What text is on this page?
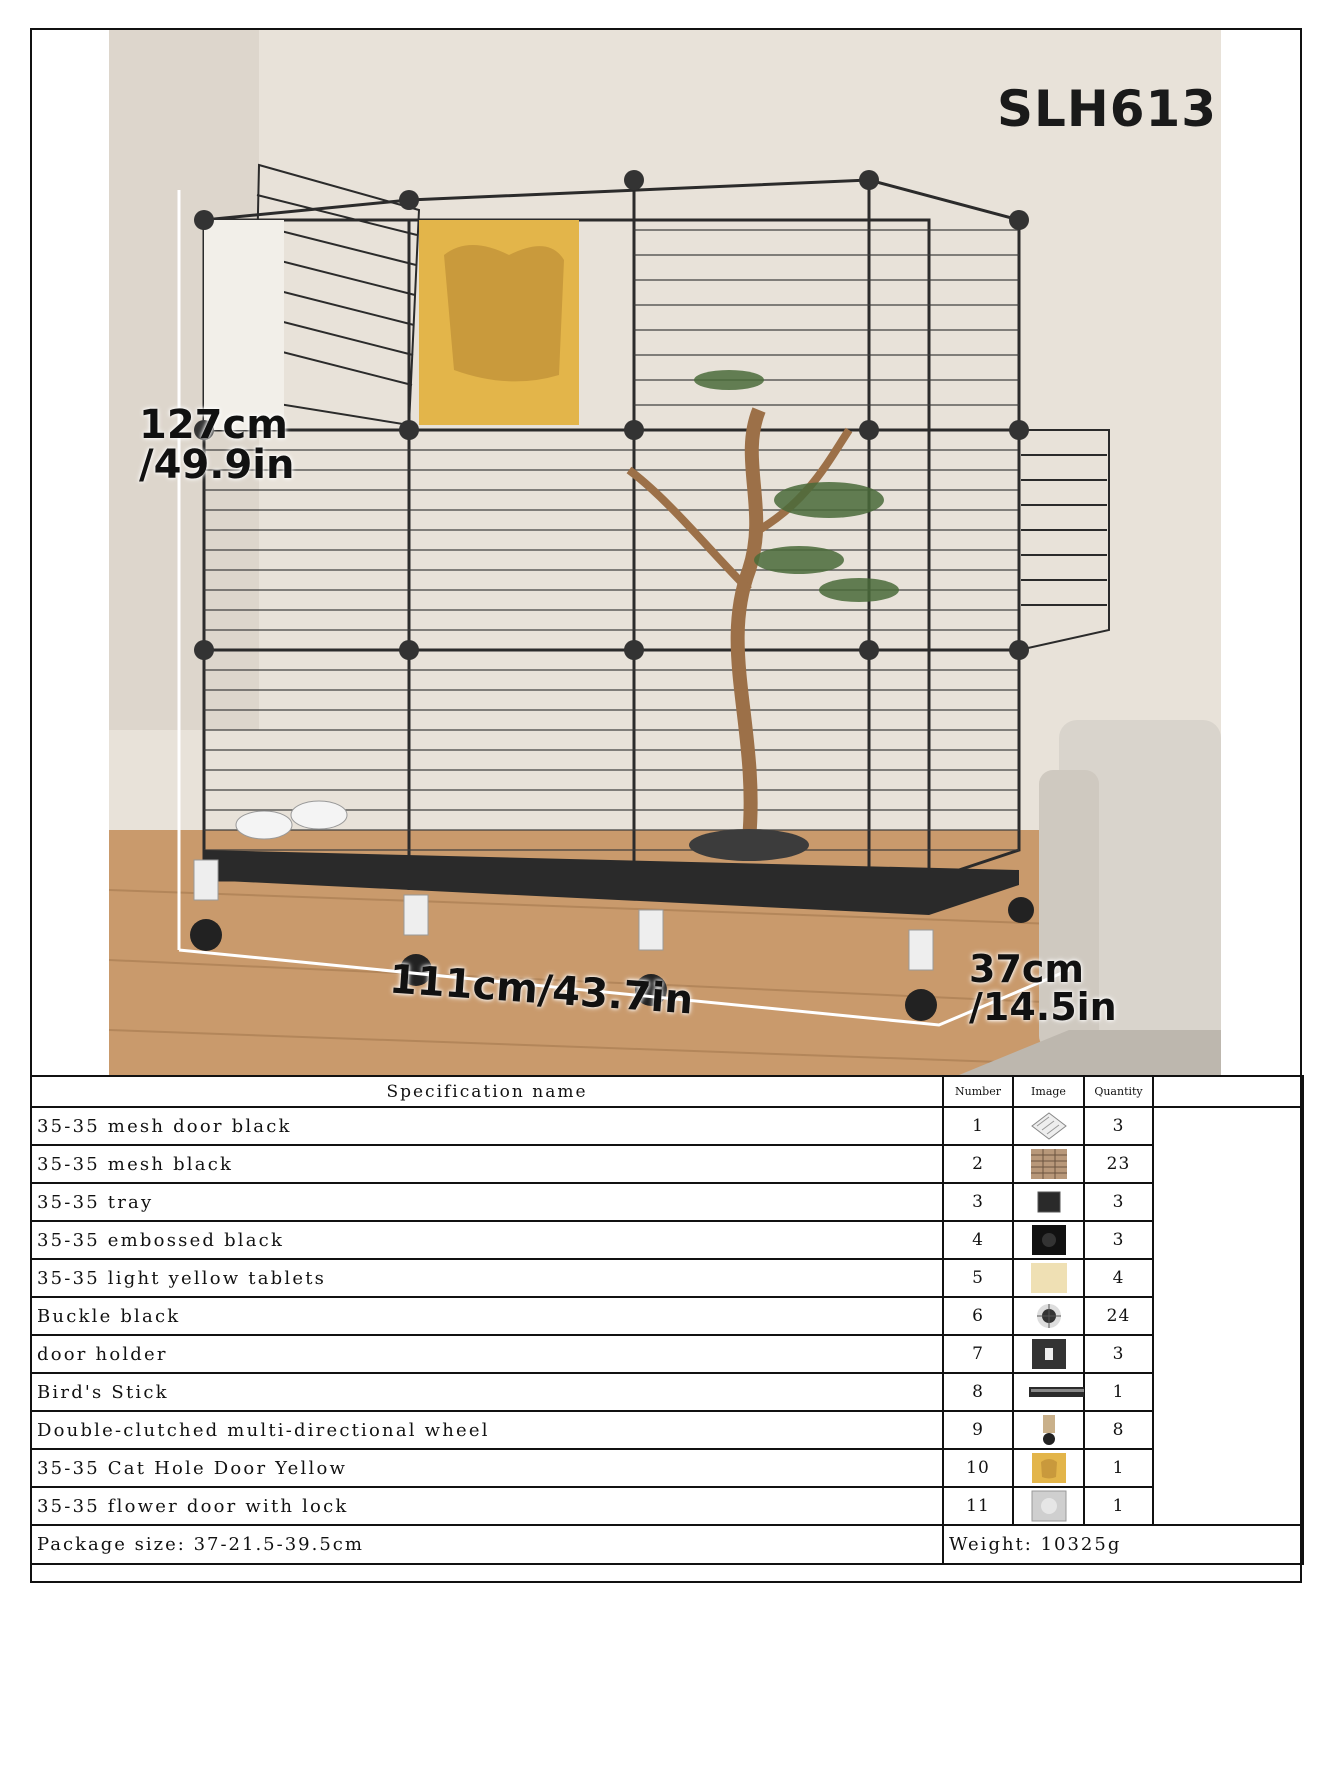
SLH613
127cm
/49.9in
111cm/43.7in	37cm
/14.5in
Specification name	Number	Image	Quantity	
35-35 mesh door black	1		3	
35-35 mesh black	2		23	
35-35 tray	3		3	
35-35 embossed black	4		3	
35-35 light yellow tablets	5		4	
Buckle black	6		24	
door holder	7		3	
Bird's Stick	8		1	
Double-clutched multi-directional wheel	9		8	
35-35 Cat Hole Door Yellow	10		1	
35-35 flower door with lock	11		1	
Package size: 37-21.5-39.5cm	Weight: 10325g			
